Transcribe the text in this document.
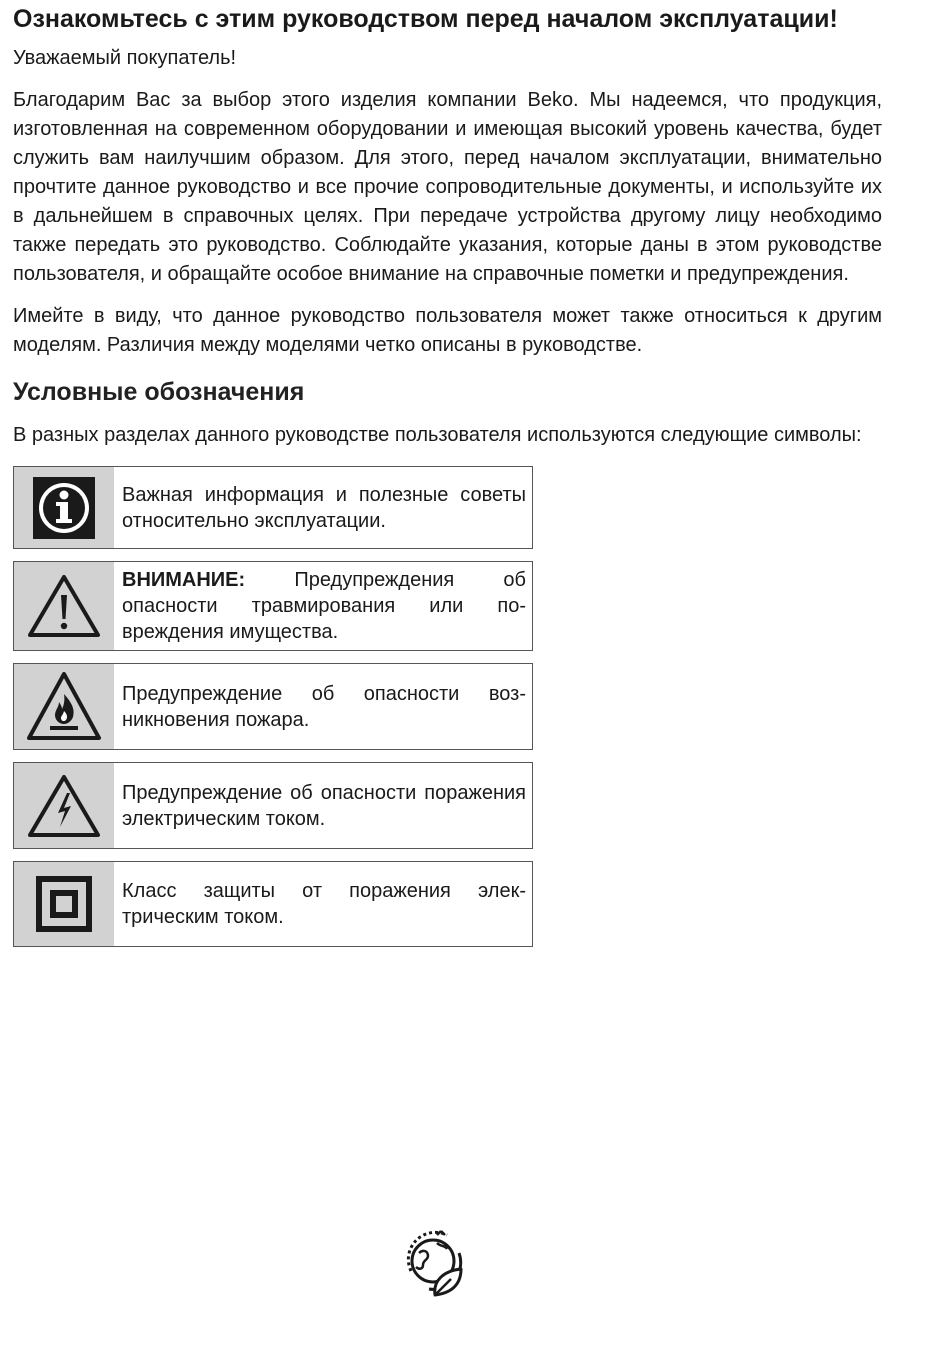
Ознакомьтесь с этим руководством перед началом эксплуатации!

Уважаемый покупатель!

Благодарим Вас за выбор этого изделия компании Beko. Мы надеемся, что продукция, изготовленная на современном оборудовании и имеющая высокий уровень качества, будет служить вам наилучшим образом. Для этого, перед началом эксплуатации, внимательно прочтите данное руководство и все прочие сопроводительные документы, и используйте их в дальнейшем в справочных целях. При передаче устройства другому лицу необходимо также передать это руководство. Соблюдайте указания, которые даны в этом руководстве пользователя, и обращайте особое внимание на справочные пометки и предупреждения.

Имейте в виду, что данное руководство пользователя может также относиться к другим моделям. Различия между моделями четко описаны в руководстве.

Условные обозначения

В разных разделах данного руководстве пользователя используются следующие символы:

Важная информация и полезные советы относительно эксплуатации.
ВНИМАНИЕ: Предупреждения об опасности травмирования или повреждения имущества.
Предупреждение об опасности возникновения пожара.
Предупреждение об опасности поражения электрическим током.
Класс защиты от поражения электрическим током.
